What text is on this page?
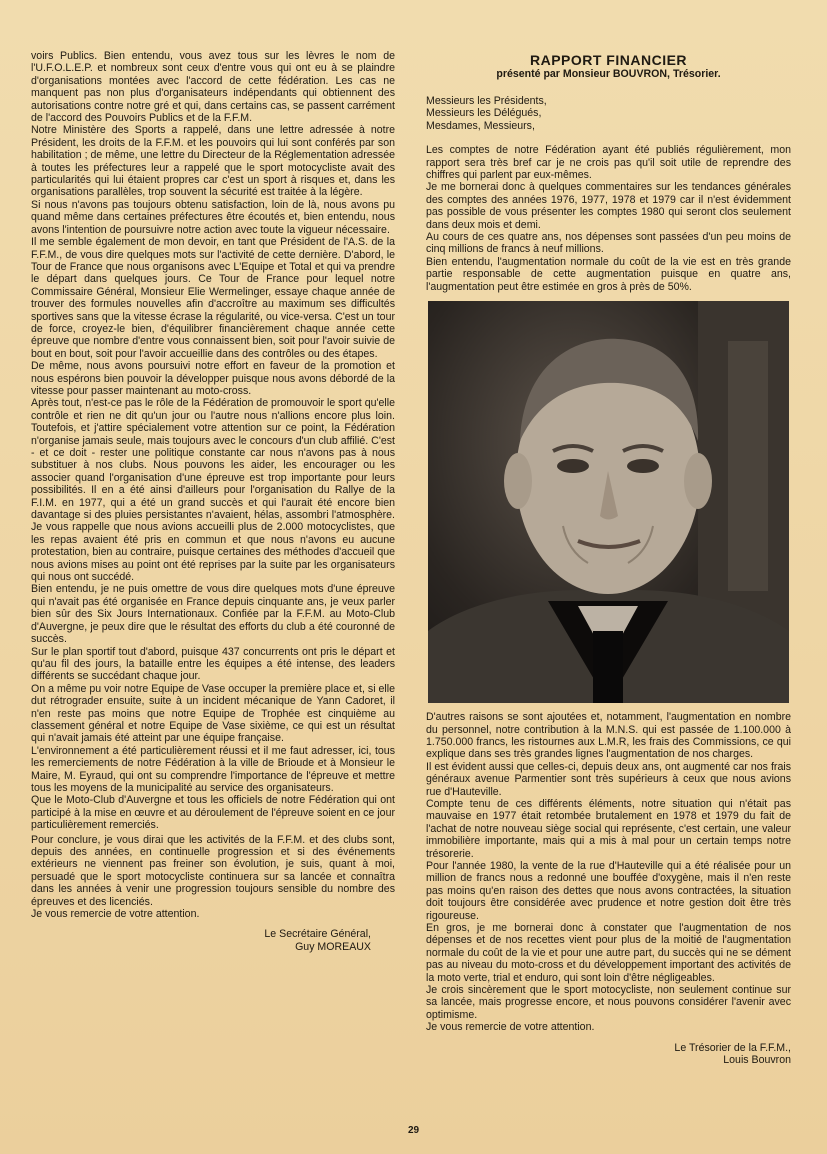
voirs Publics. Bien entendu, vous avez tous sur les lèvres le nom de l'U.F.O.L.E.P. et nombreux sont ceux d'entre vous qui ont eu à se plaindre d'organisations montées avec l'accord de cette fédération. Les cas ne manquent pas non plus d'organisateurs indépendants qui obtiennent des autorisations contre notre gré et qui, dans certains cas, se passent carrément de l'accord des Pouvoirs Publics et de la F.F.M.

Notre Ministère des Sports a rappelé, dans une lettre adressée à notre Président, les droits de la F.F.M. et les pouvoirs qui lui sont conférés par son habilitation ; de même, une lettre du Directeur de la Réglementation adressée à toutes les préfectures leur a rappelé que le sport motocycliste avait des particularités qui lui étaient propres car c'est un sport à risques et, dans les organisations parallèles, trop souvent la sécurité est traitée à la légère.

Si nous n'avons pas toujours obtenu satisfaction, loin de là, nous avons pu quand même dans certaines préfectures être écoutés et, bien entendu, nous avons l'intention de poursuivre notre action avec toute la vigueur nécessaire.

Il me semble également de mon devoir, en tant que Président de l'A.S. de la F.F.M., de vous dire quelques mots sur l'activité de cette dernière. D'abord, le Tour de France que nous organisons avec L'Equipe et Total et qui va prendre le départ dans quelques jours. Ce Tour de France pour lequel notre Commissaire Général, Monsieur Elie Wermelinger, essaye chaque année de trouver des formules nouvelles afin d'accroître au maximum ses difficultés sportives sans que la vitesse écrase la régularité, ou vice-versa. C'est un tour de force, croyez-le bien, d'équilibrer financièrement chaque année cette épreuve que nombre d'entre vous connaissent bien, soit pour l'avoir suivie de bout en bout, soit pour l'avoir accueillie dans des contrôles ou des étapes.

De même, nous avons poursuivi notre effort en faveur de la promotion et nous espérons bien pouvoir la développer puisque nous avons débordé de la vitesse pour passer maintenant au moto-cross.

Après tout, n'est-ce pas le rôle de la Fédération de promouvoir le sport qu'elle contrôle et rien ne dit qu'un jour ou l'autre nous n'allions encore plus loin. Toutefois, et j'attire spécialement votre attention sur ce point, la Fédération n'organise jamais seule, mais toujours avec le concours d'un club affilié. C'est - et ce doit - rester une politique constante car nous n'avons pas à nous substituer à nos clubs. Nous pouvons les aider, les encourager ou les associer quand l'organisation d'une épreuve est trop importante pour leurs possibilités. Il en a été ainsi d'ailleurs pour l'organisation du Rallye de la F.I.M. en 1977, qui a été un grand succès et qui l'aurait été encore bien davantage si des pluies persistantes n'avaient, hélas, assombri l'atmosphère. Je vous rappelle que nous avions accueilli plus de 2.000 motocyclistes, que les repas avaient été pris en commun et que nous n'avons eu aucune protestation, bien au contraire, puisque certaines des méthodes d'accueil que nous avions mises au point ont été reprises par la suite par les organisateurs qui nous ont succédé.

Bien entendu, je ne puis omettre de vous dire quelques mots d'une épreuve qui n'avait pas été organisée en France depuis cinquante ans, je veux parler bien sûr des Six Jours Internationaux. Confiée par la F.F.M. au Moto-Club d'Auvergne, je peux dire que le résultat des efforts du club a été couronné de succès.

Sur le plan sportif tout d'abord, puisque 437 concurrents ont pris le départ et qu'au fil des jours, la bataille entre les équipes a été intense, des leaders différents se succédant chaque jour.

On a même pu voir notre Equipe de Vase occuper la première place et, si elle dut rétrograder ensuite, suite à un incident mécanique de Yann Cadoret, il n'en reste pas moins que notre Equipe de Trophée est cinquième au classement général et notre Equipe de Vase sixième, ce qui est un résultat qui n'avait jamais été atteint par une équipe française.

L'environnement a été particulièrement réussi et il me faut adresser, ici, tous les remerciements de notre Fédération à la ville de Brioude et à Monsieur le Maire, M. Eyraud, qui ont su comprendre l'importance de l'épreuve et mettre tous les moyens de la municipalité au service des organisateurs.

Que le Moto-Club d'Auvergne et tous les officiels de notre Fédération qui ont participé à la mise en œuvre et au déroulement de l'épreuve soient en ce jour particulièrement remerciés.

Pour conclure, je vous dirai que les activités de la F.F.M. et des clubs sont, depuis des années, en continuelle progression et si des événements extérieurs ne viennent pas freiner son évolution, je suis, quant à moi, persuadé que le sport motocycliste continuera sur sa lancée et connaîtra dans les années à venir une progression toujours sensible du nombre des épreuves et des licenciés.

Je vous remercie de votre attention.

Le Secrétaire Général,

Guy MOREAUX

RAPPORT FINANCIER
présenté par Monsieur BOUVRON, Trésorier.

Messieurs les Présidents,

Messieurs les Délégués,

Mesdames, Messieurs,

Les comptes de notre Fédération ayant été publiés régulièrement, mon rapport sera très bref car je ne crois pas qu'il soit utile de reprendre des chiffres qui parlent par eux-mêmes.

Je me bornerai donc à quelques commentaires sur les tendances générales des comptes des années 1976, 1977, 1978 et 1979 car il n'est évidemment pas possible de vous présenter les comptes 1980 qui seront clos seulement dans deux mois et demi.

Au cours de ces quatre ans, nos dépenses sont passées d'un peu moins de cinq millions de francs à neuf millions.

Bien entendu, l'augmentation normale du coût de la vie est en très grande partie responsable de cette augmentation puisque en quatre ans, l'augmentation peut être estimée en gros à près de 50%.

D'autres raisons se sont ajoutées et, notamment, l'augmentation en nombre du personnel, notre contribution à la M.N.S. qui est passée de 1.100.000 à 1.750.000 francs, les ristournes aux L.M.R, les frais des Commissions, ce qui explique dans ses très grandes lignes l'augmentation de nos charges.

Il est évident aussi que celles-ci, depuis deux ans, ont augmenté car nos frais généraux avenue Parmentier sont très supérieurs à ceux que nous avions rue d'Hauteville.

Compte tenu de ces différents éléments, notre situation qui n'était pas mauvaise en 1977 était retombée brutalement en 1978 et 1979 du fait de l'achat de notre nouveau siège social qui représente, c'est certain, une valeur immobilière importante, mais qui a mis à mal pour un certain temps notre trésorerie.

Pour l'année 1980, la vente de la rue d'Hauteville qui a été réalisée pour un million de francs nous a redonné une bouffée d'oxygène, mais il n'en reste pas moins qu'en raison des dettes que nous avons contractées, la situation doit toujours être considérée avec prudence et notre gestion doit être très rigoureuse.

En gros, je me bornerai donc à constater que l'augmentation de nos dépenses et de nos recettes vient pour plus de la moitié de l'augmentation normale du coût de la vie et pour une autre part, du succès qui ne se dément pas au niveau du moto-cross et du développement important des activités de la moto verte, trial et enduro, qui sont loin d'être négligeables.

Je crois sincèrement que le sport motocycliste, non seulement continue sur sa lancée, mais progresse encore, et nous pouvons considérer l'avenir avec optimisme.

Je vous remercie de votre attention.

Le Trésorier de la F.F.M.,

Louis Bouvron

29
